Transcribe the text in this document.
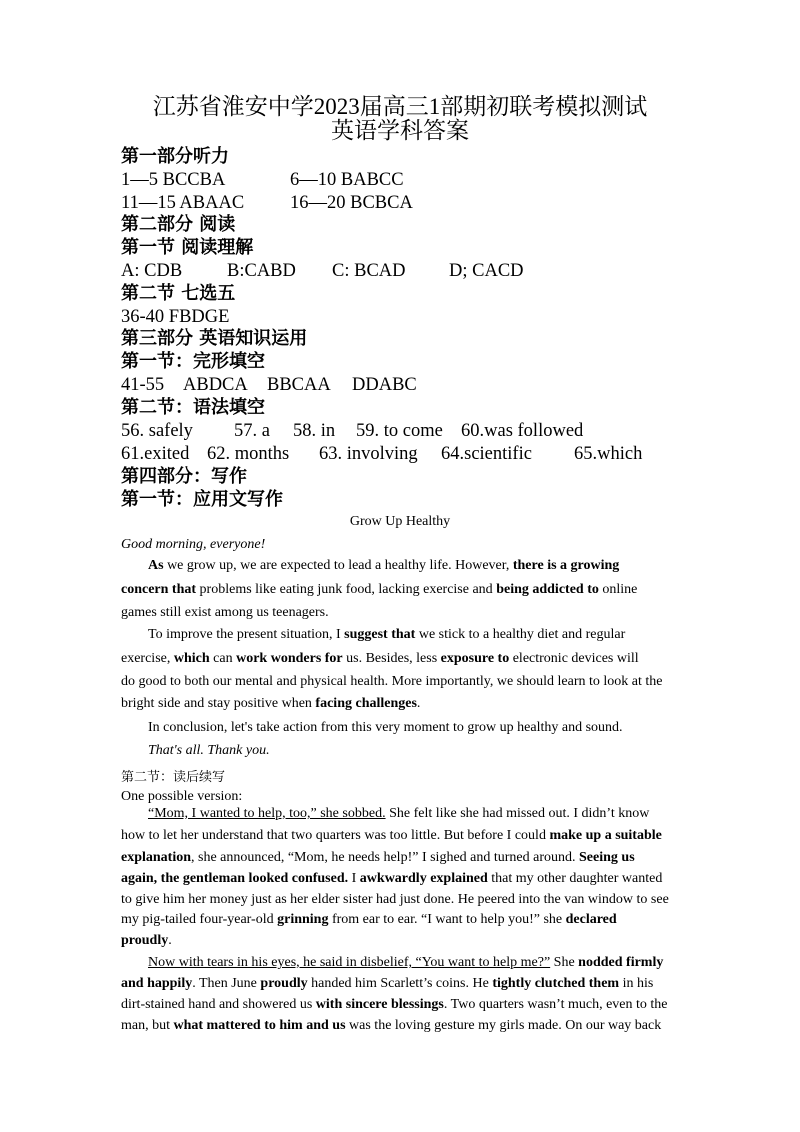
江苏省淮安中学2023届高三1部期初联考模拟测试
英语学科答案
第一部分听力

1—5 BCCBA

	6—10 BABCC

11—15 ABAAC

16—20 BCBCA

第二部分 阅读
第一节 阅读理解

A: CDB

B:CABD

C: BCAD

D; CACD

第二节 七选五
36-40 FBDGE
第三部分 英语知识运用
第一节：完形填空

41-55

ABDCA

BBCAA

DDABC

第二节：语法填空

56. safely

57. a

58. in

59. to come

60.was followed

61.exited

62. months

63. involving

64.scientific

65.which

第四部分：写作
第一节：应用文写作
Grow Up Healthy
Good morning, everyone!
As we grow up, we are expected to lead a healthy life. However, there is a growing
concern that problems like eating junk food, lacking exercise and being addicted to online
games still exist among us teenagers.
To improve the present situation, I suggest that we stick to a healthy diet and regular
exercise, which can work wonders for us. Besides, less exposure to electronic devices will
do good to both our mental and physical health. More importantly, we should learn to look at the
bright side and stay positive when facing challenges.
In conclusion, let's take action from this very moment to grow up healthy and sound.
That's all. Thank you.
第二节：读后续写
One possible version:
“Mom, I wanted to help, too,” she sobbed. She felt like she had missed out. I didn’t know
how to let her understand that two quarters was too little. But before I could make up a suitable
explanation, she announced, “Mom, he needs help!” I sighed and turned around. Seeing us
again, the gentleman looked confused. I awkwardly explained that my other daughter wanted
to give him her money just as her elder sister had just done. He peered into the van window to see
my pig-tailed four-year-old grinning from ear to ear. “I want to help you!” she declared
proudly.
Now with tears in his eyes, he said in disbelief, “You want to help me?” She nodded firmly
and happily. Then June proudly handed him Scarlett’s coins. He tightly clutched them in his
dirt-stained hand and showered us with sincere blessings. Two quarters wasn’t much, even to the
man, but what mattered to him and us was the loving gesture my girls made. On our way back
